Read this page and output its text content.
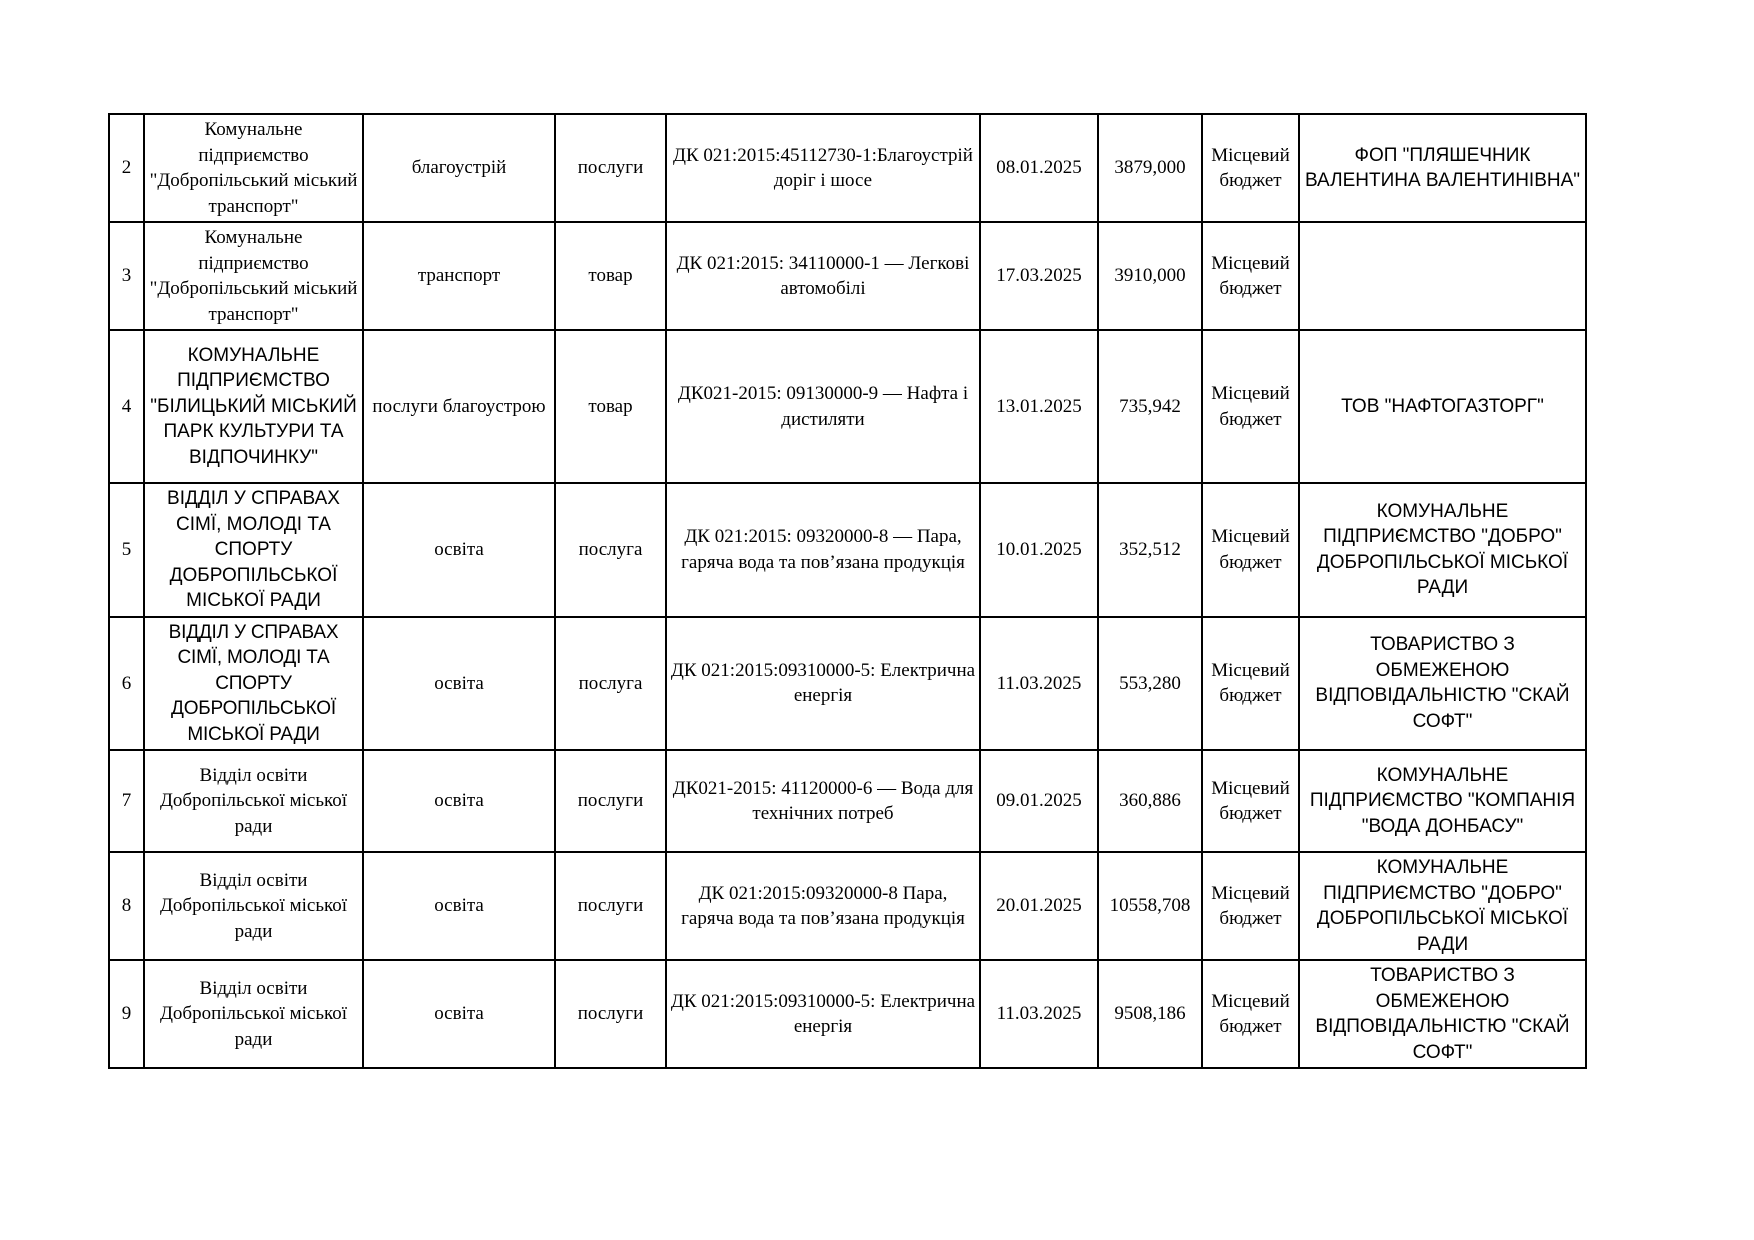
2	Комунальне підприємство "Добропільський міський транспорт"	благоустрій	послуги	ДК 021:2015:45112730-1:Благоустрій доріг і шосе	08.01.2025	3879,000	Місцевий бюджет	ФОП "ПЛЯШЕЧНИК ВАЛЕНТИНА ВАЛЕНТИНІВНА"
3	Комунальне підприємство "Добропільський міський транспорт"	транспорт	товар	ДК 021:2015: 34110000-1 — Легкові автомобілі	17.03.2025	3910,000	Місцевий бюджет	
4	КОМУНАЛЬНЕ ПІДПРИЄМСТВО "БІЛИЦЬКИЙ МІСЬКИЙ ПАРК КУЛЬТУРИ ТА ВІДПОЧИНКУ"	послуги благоустрою	товар	ДК021-2015: 09130000-9 — Нафта і дистиляти	13.01.2025	735,942	Місцевий бюджет	ТОВ "НАФТОГАЗТОРГ"
5	ВІДДІЛ У СПРАВАХ СІМЇ, МОЛОДІ ТА СПОРТУ ДОБРОПІЛЬСЬКОЇ МІСЬКОЇ РАДИ	освіта	послуга	ДК 021:2015: 09320000-8 — Пара, гаряча вода та пов’язана продукція	10.01.2025	352,512	Місцевий бюджет	КОМУНАЛЬНЕ ПІДПРИЄМСТВО "ДОБРО" ДОБРОПІЛЬСЬКОЇ МІСЬКОЇ РАДИ
6	ВІДДІЛ У СПРАВАХ СІМЇ, МОЛОДІ ТА СПОРТУ ДОБРОПІЛЬСЬКОЇ МІСЬКОЇ РАДИ	освіта	послуга	ДК 021:2015:09310000-5: Електрична енергія	11.03.2025	553,280	Місцевий бюджет	ТОВАРИСТВО З ОБМЕЖЕНОЮ ВІДПОВІДАЛЬНІСТЮ "СКАЙ СОФТ"
7	Відділ освіти Добропільської міської ради	освіта	послуги	ДК021-2015: 41120000-6 — Вода для технічних потреб	09.01.2025	360,886	Місцевий бюджет	КОМУНАЛЬНЕ ПІДПРИЄМСТВО "КОМПАНІЯ "ВОДА ДОНБАСУ"
8	Відділ освіти Добропільської міської ради	освіта	послуги	ДК 021:2015:09320000-8 Пара, гаряча вода та пов’язана продукція	20.01.2025	10558,708	Місцевий бюджет	КОМУНАЛЬНЕ ПІДПРИЄМСТВО "ДОБРО" ДОБРОПІЛЬСЬКОЇ МІСЬКОЇ РАДИ
9	Відділ освіти Добропільської міської ради	освіта	послуги	ДК 021:2015:09310000-5: Електрична енергія	11.03.2025	9508,186	Місцевий бюджет	ТОВАРИСТВО З ОБМЕЖЕНОЮ ВІДПОВІДАЛЬНІСТЮ "СКАЙ СОФТ"
